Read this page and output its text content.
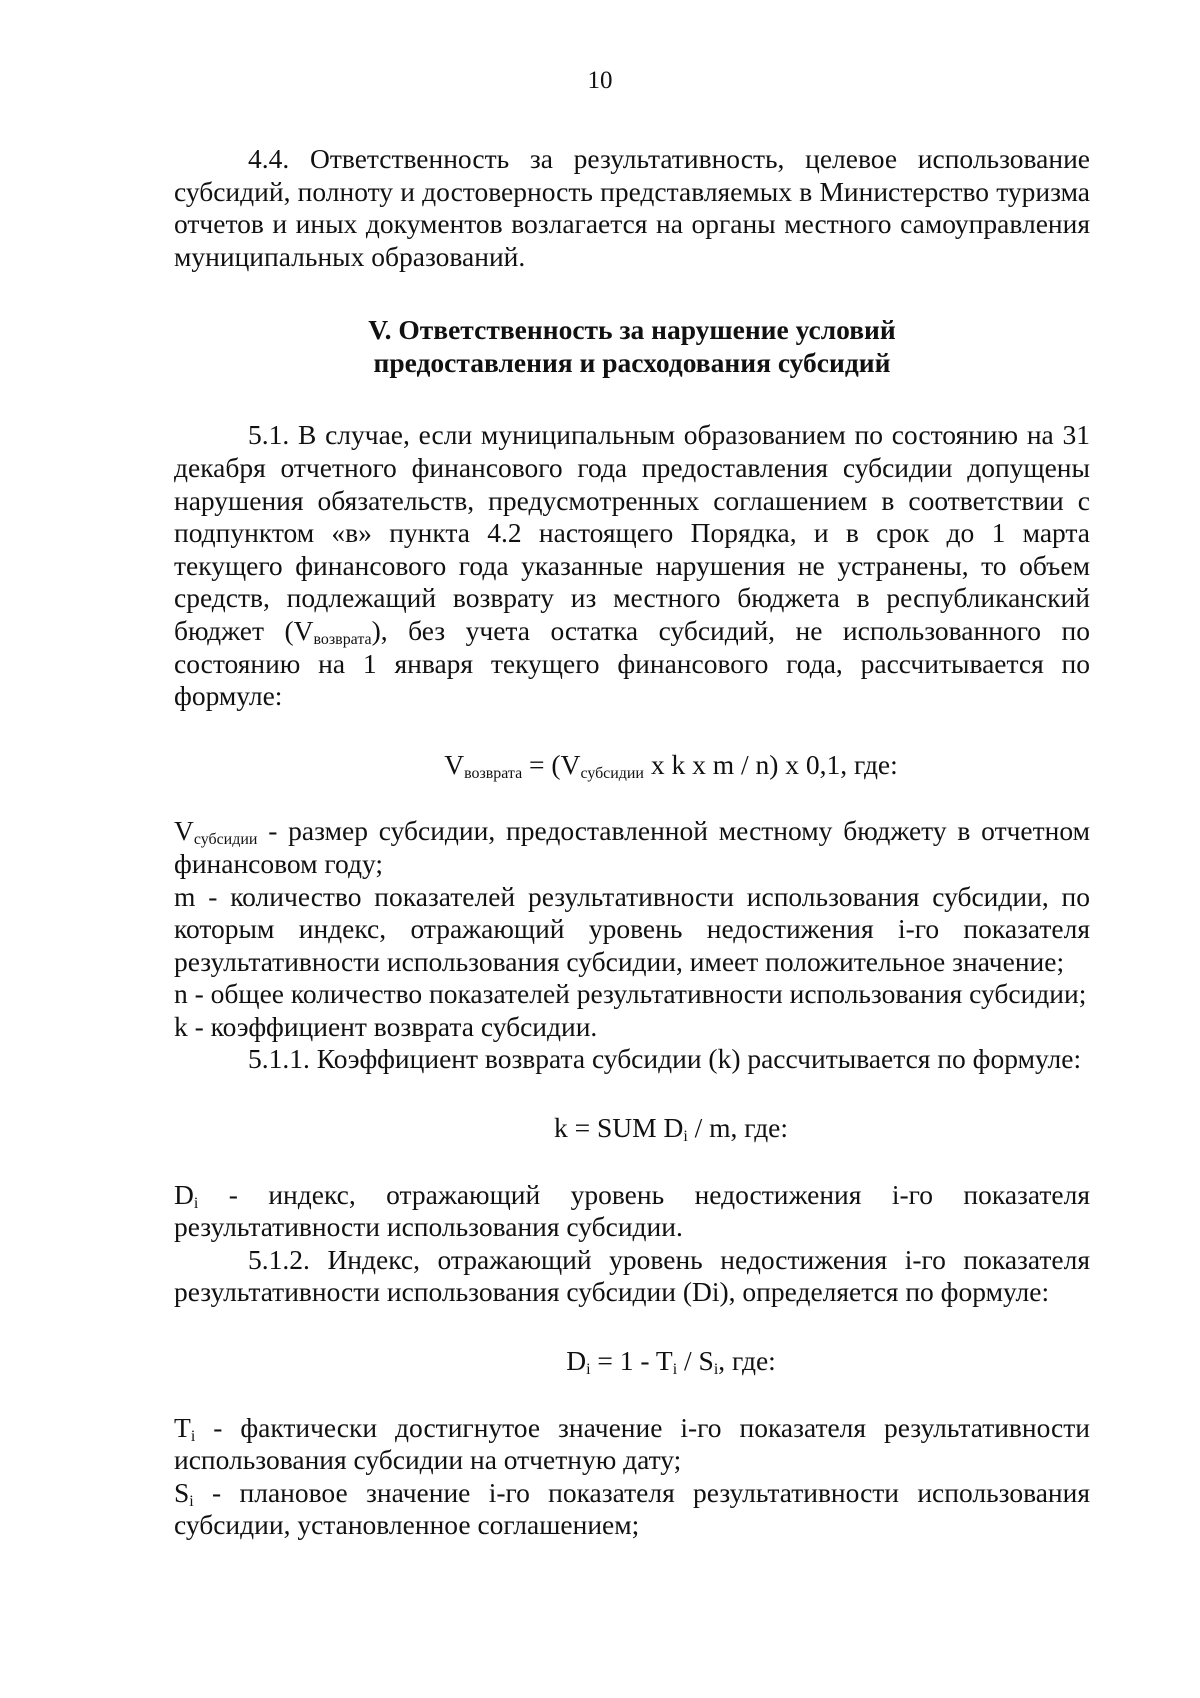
10

4.4. Ответственность за результативность, целевое использование субсидий, полноту и достоверность представляемых в Министерство туризма отчетов и иных документов возлагается на органы местного самоуправления муниципальных образований.

V. Ответственность за нарушение условий
предоставления и расходования субсидий

5.1. В случае, если муниципальным образованием по состоянию на 31 декабря отчетного финансового года предоставления субсидии допущены нарушения обязательств, предусмотренных соглашением в соответствии с подпунктом «в» пункта 4.2 настоящего Порядка, и в срок до 1 марта текущего финансового года указанные нарушения не устранены, то объем средств, подлежащий возврату из местного бюджета в республиканский бюджет $(V_{возврата})$, без учета остатка субсидий, не использованного по состоянию на 1 января текущего финансового года, рассчитывается по формуле:

$V_{возврата} = (V_{субсидии}$ x k x m / n) x 0,1, где:

$V_{субсидии}$ - размер субсидии, предоставленной местному бюджету в отчетном финансовом году;

m - количество показателей результативности использования субсидии, по которым индекс, отражающий уровень недостижения i-го показателя результативности использования субсидии, имеет положительное значение;

n - общее количество показателей результативности использования субсидии;

k - коэффициент возврата субсидии.

5.1.1. Коэффициент возврата субсидии (k) рассчитывается по формуле:

k = SUM $D_i$ / m, где:

$D_i$ - индекс, отражающий уровень недостижения i-го показателя результативности использования субсидии.

5.1.2. Индекс, отражающий уровень недостижения i-го показателя результативности использования субсидии (Di), определяется по формуле:

$D_i = 1 - T_i / S_i$, где:

$T_i$ - фактически достигнутое значение i-го показателя результативности использования субсидии на отчетную дату;

$S_i$ - плановое значение i-го показателя результативности использования субсидии, установленное соглашением;
